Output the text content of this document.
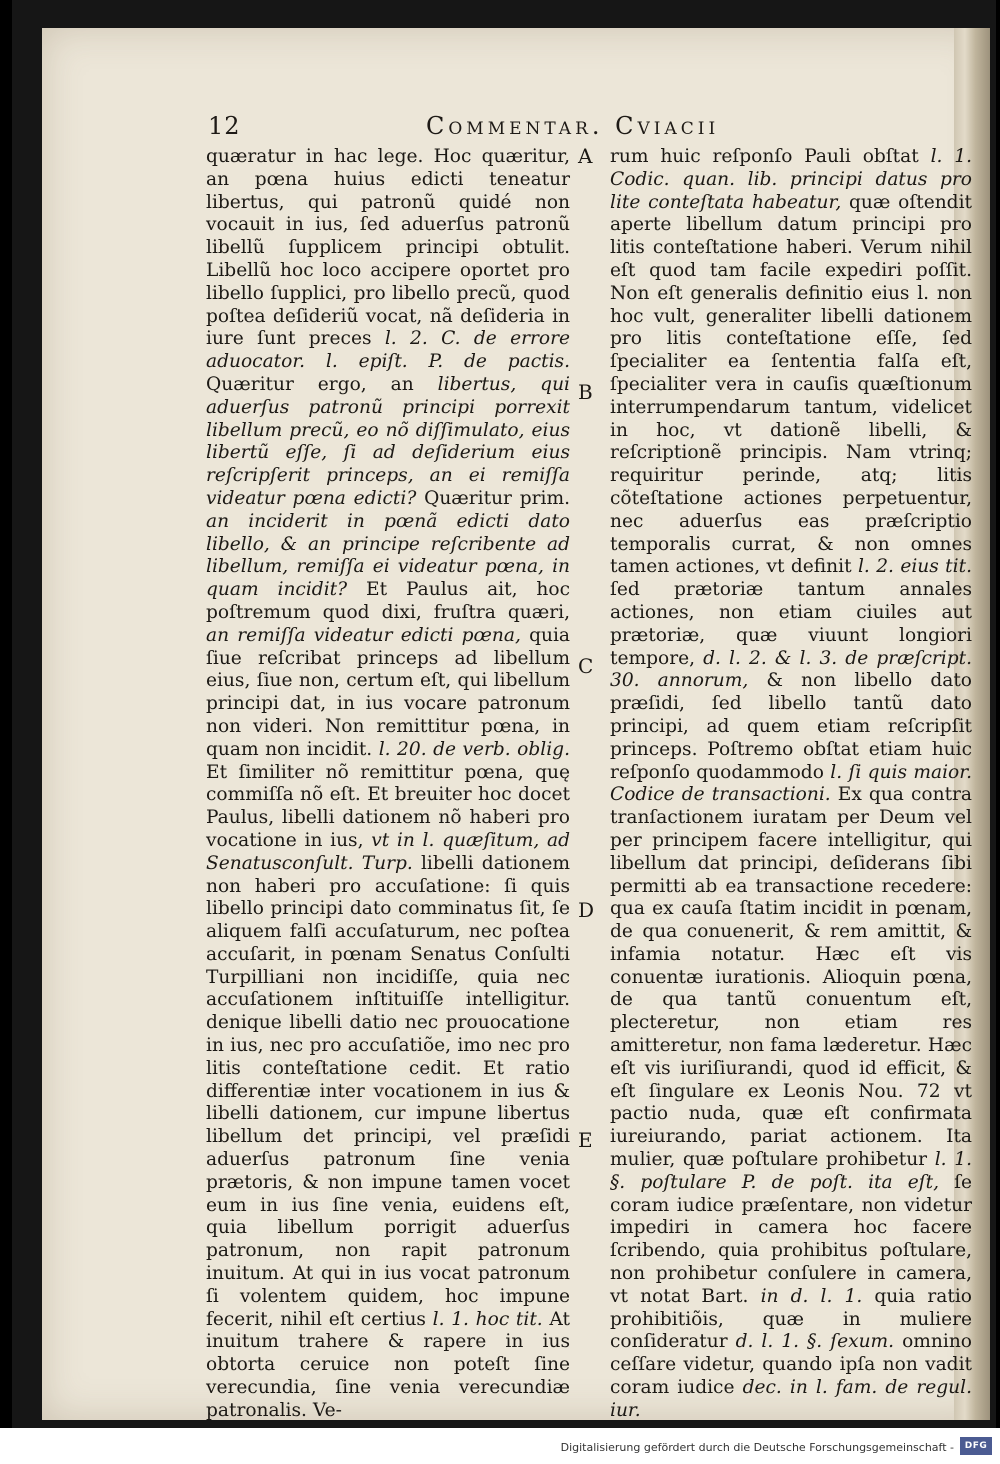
12	Commentar. Cviacii

quæratur in hac lege. Hoc quæritur, an pœna huius edicti teneatur libertus, qui patronũ quidé non vocauit in ius, ſed aduerſus patronũ libellũ ſupplicem principi obtulit. Libellũ hoc loco accipere oportet pro libello ſupplici, pro libello precũ, quod poſtea deſideriũ vocat, nã deſideria in iure ſunt preces l. 2. C. de errore aduocator. l. epiſt. P. de pactis. Quæritur ergo, an libertus, qui aduerſus patronũ principi porrexit libellum precũ, eo nõ diſſimulato, eius libertũ eſſe, ſi ad deſiderium eius reſcripſerit princeps, an ei remiſſa videatur pœna edicti? Quæritur prim. an inciderit in pœnã edicti dato libello, & an principe reſcribente ad libellum, remiſſa ei videatur pœna, in quam incidit? Et Paulus ait, hoc poſtremum quod dixi, fruſtra quæri, an remiſſa videatur edicti pœna, quia ſiue reſcribat princeps ad libellum eius, ſiue non, certum eſt, qui libellum principi dat, in ius vocare patronum non videri. Non remittitur pœna, in quam non incidit. l. 20. de verb. oblig. Et ſimiliter nõ remittitur pœna, quę commiſſa nõ eſt. Et breuiter hoc docet Paulus, libelli dationem nõ haberi pro vocatione in ius, vt in l. quæſitum, ad Senatusconſult. Turp. libelli dationem non haberi pro accuſatione: ſi quis libello principi dato comminatus ſit, ſe aliquem falſi accuſaturum, nec poſtea accuſarit, in pœnam Senatus Conſulti Turpilliani non incidiſſe, quia nec accuſationem inſtituiſſe intelligitur. denique libelli datio nec prouocatione in ius, nec pro accuſatiõe, imo nec pro litis conteſtatione cedit. Et ratio differentiæ inter vocationem in ius & libelli dationem, cur impune libertus libellum det principi, vel præſidi aduerſus patronum ſine venia prætoris, & non impune tamen vocet eum in ius ſine venia, euidens eſt, quia libellum porrigit aduerſus patronum, non rapit patronum inuitum. At qui in ius vocat patronum ſi volentem quidem, hoc impune fecerit, nihil eſt certius l. 1. hoc tit. At inuitum trahere & rapere in ius obtorta ceruice non poteſt ſine verecundia, ſine venia verecundiæ patronalis. Ve-

A
B
C
D
E

rum huic reſponſo Pauli obſtat l. 1. Codic. quan. lib. principi datus pro lite conteſtata habeatur, quæ oſtendit aperte libellum datum principi pro litis conteſtatione haberi. Verum nihil eſt quod tam facile expediri poſſit. Non eſt generalis definitio eius l. non hoc vult, generaliter libelli dationem pro litis conteſtatione eſſe, ſed ſpecialiter ea ſententia falſa eſt, ſpecialiter vera in cauſis quæſtionum interrumpendarum tantum, videlicet in hoc, vt dationẽ libelli, & reſcriptionẽ principis. Nam vtrinq; requiritur perinde, atq; litis cõteſtatione actiones perpetuentur, nec aduerſus eas præſcriptio temporalis currat, & non omnes tamen actiones, vt definit l. 2. eius tit. ſed prætoriæ tantum annales actiones, non etiam ciuiles aut prætoriæ, quæ viuunt longiori tempore, d. l. 2. & l. 3. de præſcript. 30. annorum, & non libello dato præſidi, ſed libello tantũ dato principi, ad quem etiam reſcripſit princeps. Poſtremo obſtat etiam huic reſponſo quodammodo l. ſi quis maior. Codice de transactioni. Ex qua contra tranſactionem iuratam per Deum vel per principem facere intelligitur, qui libellum dat principi, deſiderans ſibi permitti ab ea transactione recedere: qua ex cauſa ſtatim incidit in pœnam, de qua conuenerit, & rem amittit, & infamia notatur. Hæc eſt vis conuentæ iurationis. Alioquin pœna, de qua tantũ conuentum eſt, plecteretur, non etiam res amitteretur, non fama læderetur. Hæc eſt vis iuriſiurandi, quod id efficit, & eſt ſingulare ex Leonis Nou. 72 vt pactio nuda, quæ eſt confirmata iureiurando, pariat actionem. Ita mulier, quæ poſtulare prohibetur l. 1. §. poſtulare P. de poſt. ita eſt, ſe coram iudice præſentare, non videtur impediri in camera hoc facere ſcribendo, quia prohibitus poſtulare, non prohibetur conſulere in camera, vt notat Bart. in d. l. 1. quia ratio prohibitiõis, quæ in muliere conſideratur d. l. 1. §. ſexum. omnino ceſſare videtur, quando ipſa non vadit coram iudice dec. in l. fam. de regul. iur.

Digitalisierung gefördert durch die Deutsche Forschungsgemeinschaft -	DFG
